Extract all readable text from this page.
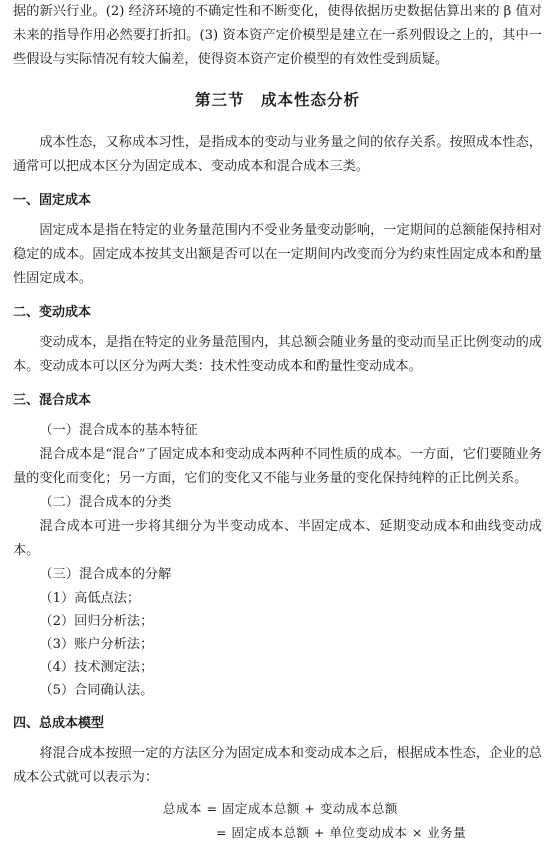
据的新兴行业。(2) 经济环境的不确定性和不断变化，使得依据历史数据估算出来的 β 值对未来的指导作用必然要打折扣。(3) 资本资产定价模型是建立在一系列假设之上的，其中一些假设与实际情况有较大偏差，使得资本资产定价模型的有效性受到质疑。

第三节　成本性态分析

成本性态，又称成本习性，是指成本的变动与业务量之间的依存关系。按照成本性态，通常可以把成本区分为固定成本、变动成本和混合成本三类。

一、固定成本

固定成本是指在特定的业务量范围内不受业务量变动影响，一定期间的总额能保持相对稳定的成本。固定成本按其支出额是否可以在一定期间内改变而分为约束性固定成本和酌量性固定成本。

二、变动成本

变动成本，是指在特定的业务量范围内，其总额会随业务量的变动而呈正比例变动的成本。变动成本可以区分为两大类：技术性变动成本和酌量性变动成本。

三、混合成本

（一）混合成本的基本特征

混合成本是“混合”了固定成本和变动成本两种不同性质的成本。一方面，它们要随业务量的变化而变化；另一方面，它们的变化又不能与业务量的变化保持纯粹的正比例关系。

（二）混合成本的分类

混合成本可进一步将其细分为半变动成本、半固定成本、延期变动成本和曲线变动成本。

（三）混合成本的分解

（1）高低点法；

（2）回归分析法；

（3）账户分析法；

（4）技术测定法；

（5）合同确认法。

四、总成本模型

将混合成本按照一定的方法区分为固定成本和变动成本之后，根据成本性态，企业的总成本公式就可以表示为：

总成本 = 固定成本总额 + 变动成本总额
= 固定成本总额 + 单位变动成本 × 业务量
